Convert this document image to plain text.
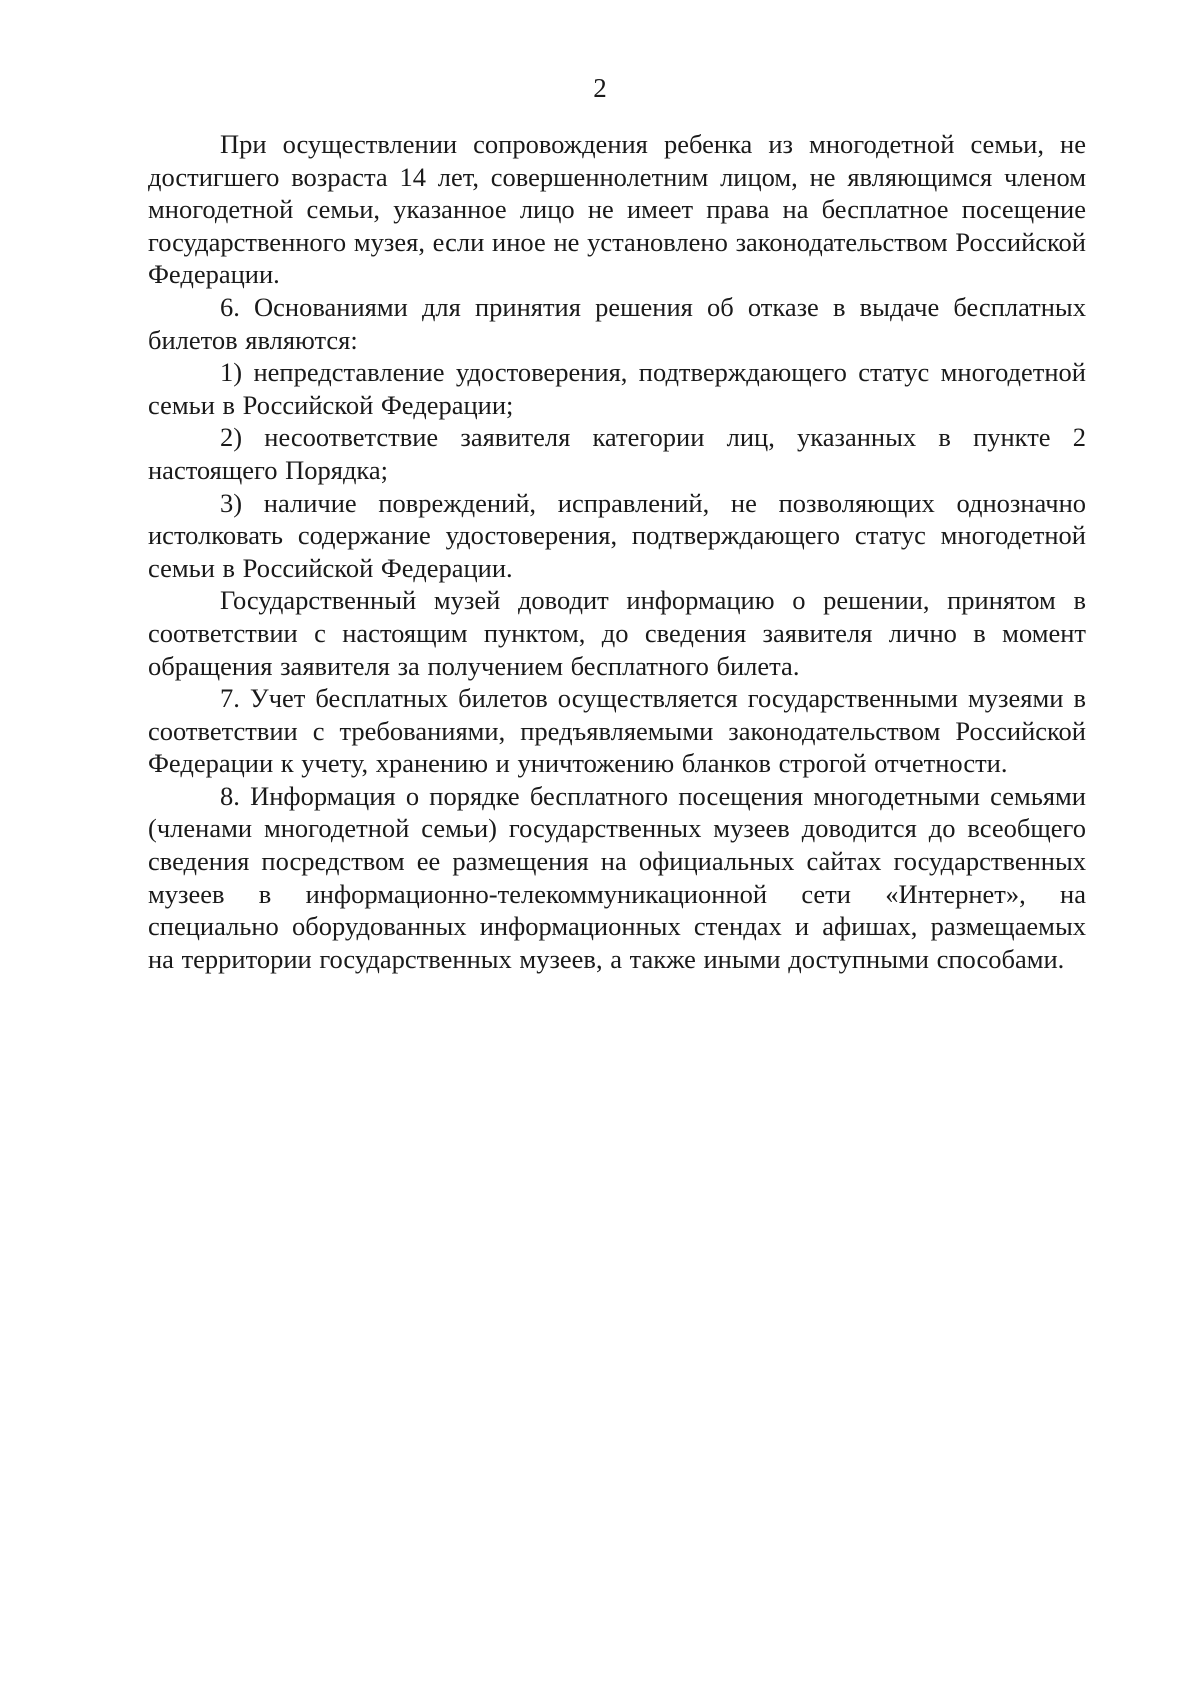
2

При осуществлении сопровождения ребенка из многодетной семьи, не достигшего возраста 14 лет, совершеннолетним лицом, не являющимся членом многодетной семьи, указанное лицо не имеет права на бесплатное посещение государственного музея, если иное не установлено законодательством Российской Федерации.

6. Основаниями для принятия решения об отказе в выдаче бесплатных билетов являются:

1) непредставление удостоверения, подтверждающего статус многодетной семьи в Российской Федерации;

2) несоответствие заявителя категории лиц, указанных в пункте 2 настоящего Порядка;

3) наличие повреждений, исправлений, не позволяющих однозначно истолковать содержание удостоверения, подтверждающего статус многодетной семьи в Российской Федерации.

Государственный музей доводит информацию о решении, принятом в соответствии с настоящим пунктом, до сведения заявителя лично в момент обращения заявителя за получением бесплатного билета.

7. Учет бесплатных билетов осуществляется государственными музеями в соответствии с требованиями, предъявляемыми законодательством Российской Федерации к учету, хранению и уничтожению бланков строгой отчетности.

8. Информация о порядке бесплатного посещения многодетными семьями (членами многодетной семьи) государственных музеев доводится до всеобщего сведения посредством ее размещения на официальных сайтах государственных музеев в информационно-телекоммуникационной сети «Интернет», на специально оборудованных информационных стендах и афишах, размещаемых на территории государственных музеев, а также иными доступными способами.
